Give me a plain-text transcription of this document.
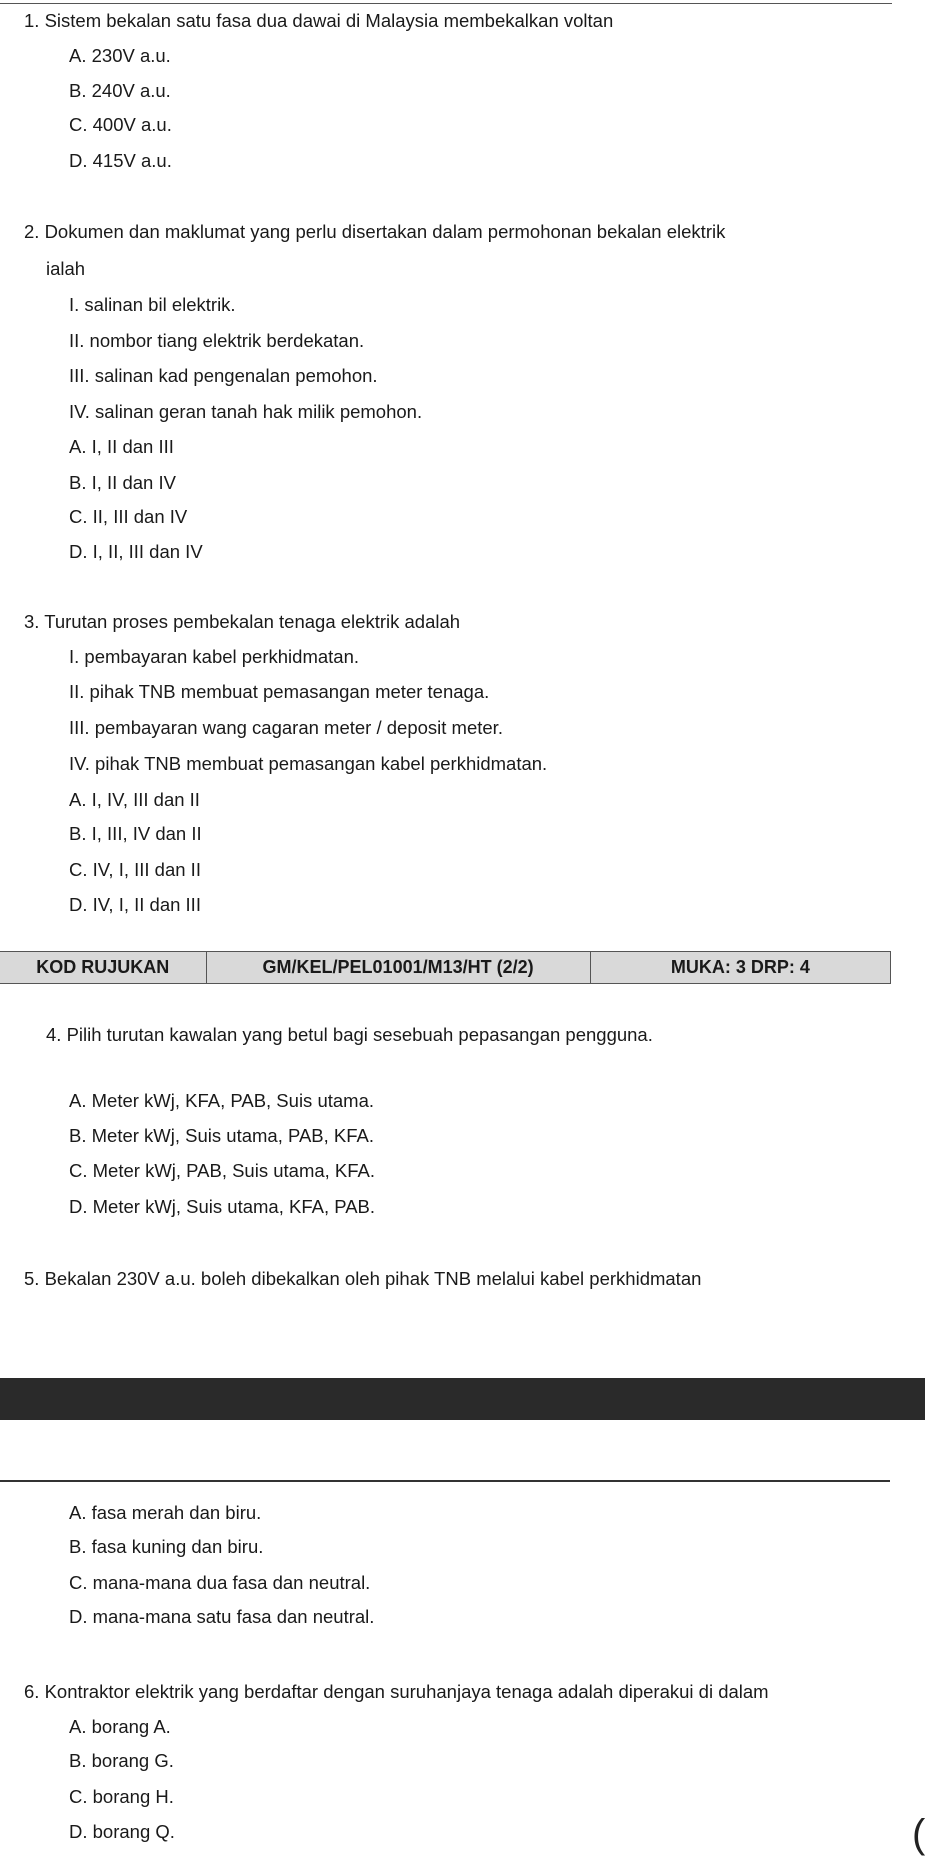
1. Sistem bekalan satu fasa dua dawai di Malaysia membekalkan voltan
A. 230V a.u.
B. 240V a.u.
C. 400V a.u.
D. 415V a.u.
2. Dokumen dan maklumat yang perlu disertakan dalam permohonan bekalan elektrik
ialah
I. salinan bil elektrik.
II. nombor tiang elektrik berdekatan.
III. salinan kad pengenalan pemohon.
IV. salinan geran tanah hak milik pemohon.
A. I, II dan III
B. I, II dan IV
C. II, III dan IV
D. I, II, III dan IV
3. Turutan proses pembekalan tenaga elektrik adalah
I. pembayaran kabel perkhidmatan.
II. pihak TNB membuat pemasangan meter tenaga.
III. pembayaran wang cagaran meter / deposit meter.
IV. pihak TNB membuat pemasangan kabel perkhidmatan.
A. I, IV, III dan II
B. I, III, IV dan II
C. IV, I, III dan II
D. IV, I, II dan III
4. Pilih turutan kawalan yang betul bagi sesebuah pepasangan pengguna.
A. Meter kWj, KFA, PAB, Suis utama.
B. Meter kWj, Suis utama, PAB, KFA.
C. Meter kWj, PAB, Suis utama, KFA.
D. Meter kWj, Suis utama, KFA, PAB.
5. Bekalan 230V a.u. boleh dibekalkan oleh pihak TNB melalui kabel perkhidmatan
A. fasa merah dan biru.
B. fasa kuning dan biru.
C. mana-mana dua fasa dan neutral.
D. mana-mana satu fasa dan neutral.
6. Kontraktor elektrik yang berdaftar dengan suruhanjaya tenaga adalah diperakui di dalam
A. borang A.
B. borang G.
C. borang H.
D. borang Q.
KOD RUJUKAN	GM/KEL/PEL01001/M13/HT (2/2)	MUKA: 3 DRP: 4
(
